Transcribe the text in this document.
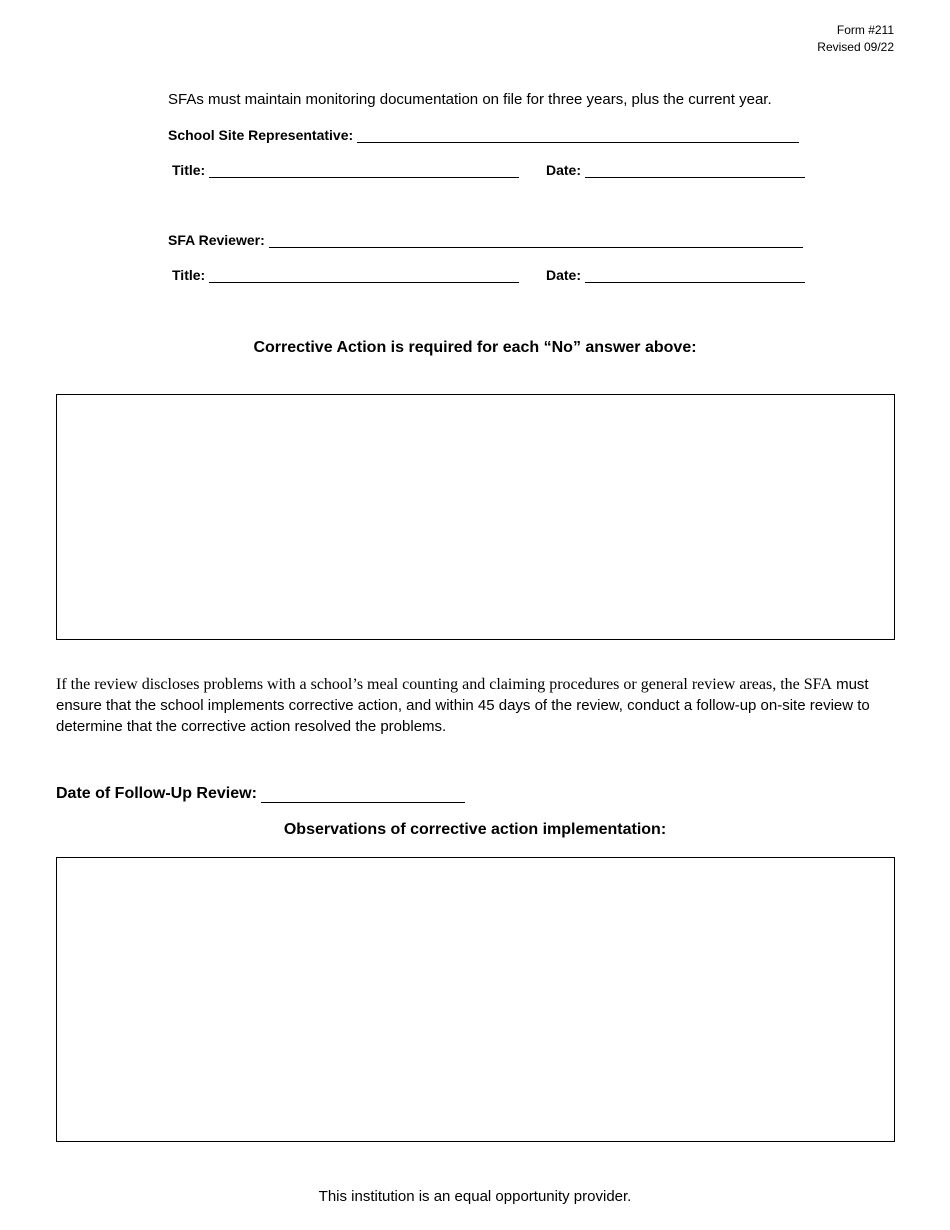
Form #211
Revised 09/22
SFAs must maintain monitoring documentation on file for three years, plus the current year.
School Site Representative:
Title:	Date:
SFA Reviewer:
Title:	Date:
Corrective Action is required for each “No” answer above:
If the review discloses problems with a school’s meal counting and claiming procedures or general review areas, the SFA must ensure that the school implements corrective action, and within 45 days of the review, conduct a follow-up on-site review to determine that the corrective action resolved the problems.
Date of Follow-Up Review:
Observations of corrective action implementation:
This institution is an equal opportunity provider.
